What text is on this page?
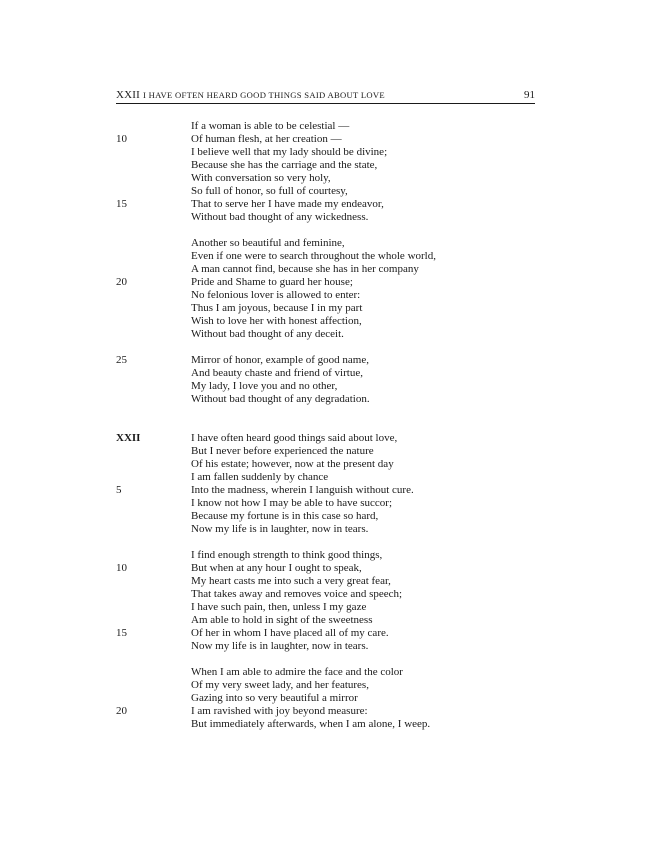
XXII I HAVE OFTEN HEARD GOOD THINGS SAID ABOUT LOVE	91
If a woman is able to be celestial —
10	Of human flesh, at her creation —
I believe well that my lady should be divine;
Because she has the carriage and the state,
With conversation so very holy,
So full of honor, so full of courtesy,
15	That to serve her I have made my endeavor,
Without bad thought of any wickedness.
Another so beautiful and feminine,
Even if one were to search throughout the whole world,
A man cannot find, because she has in her company
20	Pride and Shame to guard her house;
No felonious lover is allowed to enter:
Thus I am joyous, because I in my part
Wish to love her with honest affection,
Without bad thought of any deceit.
25	Mirror of honor, example of good name,
And beauty chaste and friend of virtue,
My lady, I love you and no other,
Without bad thought of any degradation.
XXII	I have often heard good things said about love,
But I never before experienced the nature
Of his estate; however, now at the present day
I am fallen suddenly by chance
5	Into the madness, wherein I languish without cure.
I know not how I may be able to have succor;
Because my fortune is in this case so hard,
Now my life is in laughter, now in tears.
I find enough strength to think good things,
10	But when at any hour I ought to speak,
My heart casts me into such a very great fear,
That takes away and removes voice and speech;
I have such pain, then, unless I my gaze
Am able to hold in sight of the sweetness
15	Of her in whom I have placed all of my care.
Now my life is in laughter, now in tears.
When I am able to admire the face and the color
Of my very sweet lady, and her features,
Gazing into so very beautiful a mirror
20	I am ravished with joy beyond measure:
But immediately afterwards, when I am alone, I weep.
